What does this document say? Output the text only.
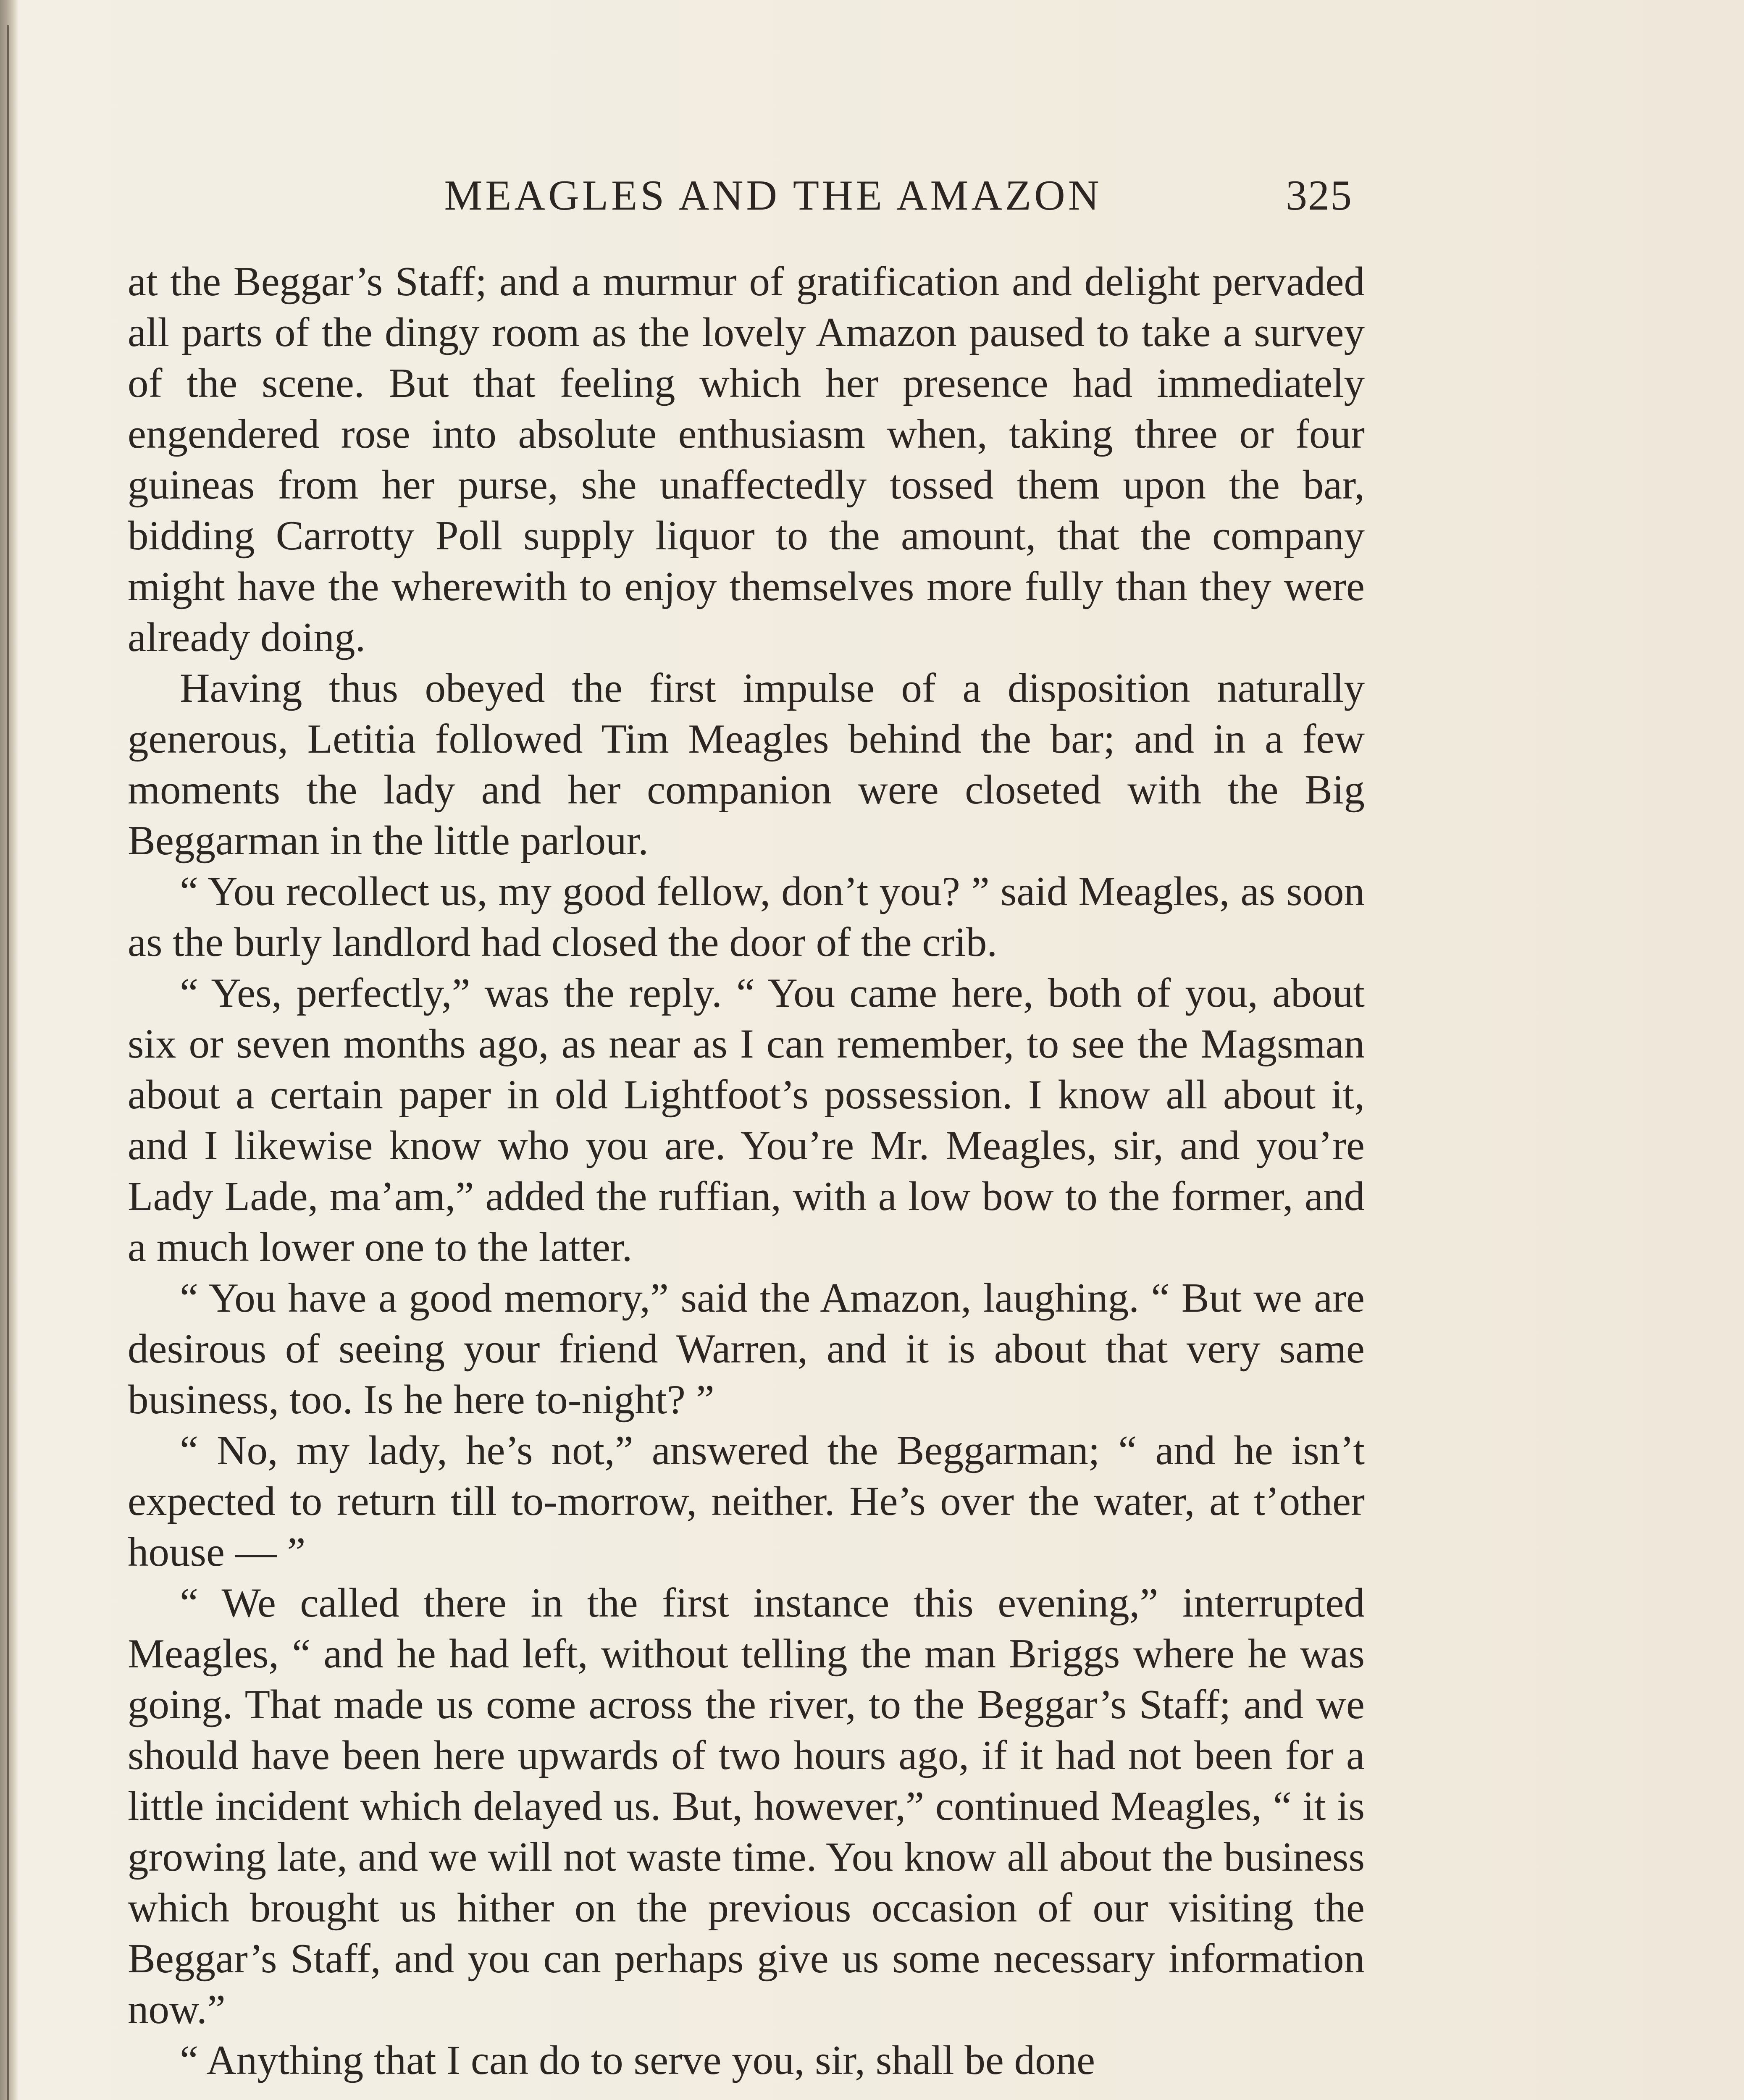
MEAGLES AND THE AMAZON	325

at the Beggar’s Staff; and a murmur of gratification and delight pervaded all parts of the dingy room as the lovely Amazon paused to take a survey of the scene. But that feeling which her presence had immediately engendered rose into absolute enthusiasm when, taking three or four guineas from her purse, she unaffectedly tossed them upon the bar, bidding Carrotty Poll supply liquor to the amount, that the company might have the wherewith to enjoy themselves more fully than they were already doing.

Having thus obeyed the first impulse of a disposition naturally generous, Letitia followed Tim Meagles behind the bar; and in a few moments the lady and her companion were closeted with the Big Beggarman in the little parlour.

“ You recollect us, my good fellow, don’t you? ” said Meagles, as soon as the burly landlord had closed the door of the crib.

“ Yes, perfectly,” was the reply. “ You came here, both of you, about six or seven months ago, as near as I can remember, to see the Magsman about a certain paper in old Lightfoot’s possession. I know all about it, and I likewise know who you are. You’re Mr. Meagles, sir, and you’re Lady Lade, ma’am,” added the ruffian, with a low bow to the former, and a much lower one to the latter.

“ You have a good memory,” said the Amazon, laughing. “ But we are desirous of seeing your friend Warren, and it is about that very same business, too. Is he here to-night? ”

“ No, my lady, he’s not,” answered the Beggarman; “ and he isn’t expected to return till to-morrow, neither. He’s over the water, at t’other house — ”

“ We called there in the first instance this evening,” interrupted Meagles, “ and he had left, without telling the man Briggs where he was going. That made us come across the river, to the Beggar’s Staff; and we should have been here upwards of two hours ago, if it had not been for a little incident which delayed us. But, however,” continued Meagles, “ it is growing late, and we will not waste time. You know all about the business which brought us hither on the previous occasion of our visiting the Beggar’s Staff, and you can perhaps give us some necessary information now.”

“ Anything that I can do to serve you, sir, shall be done
